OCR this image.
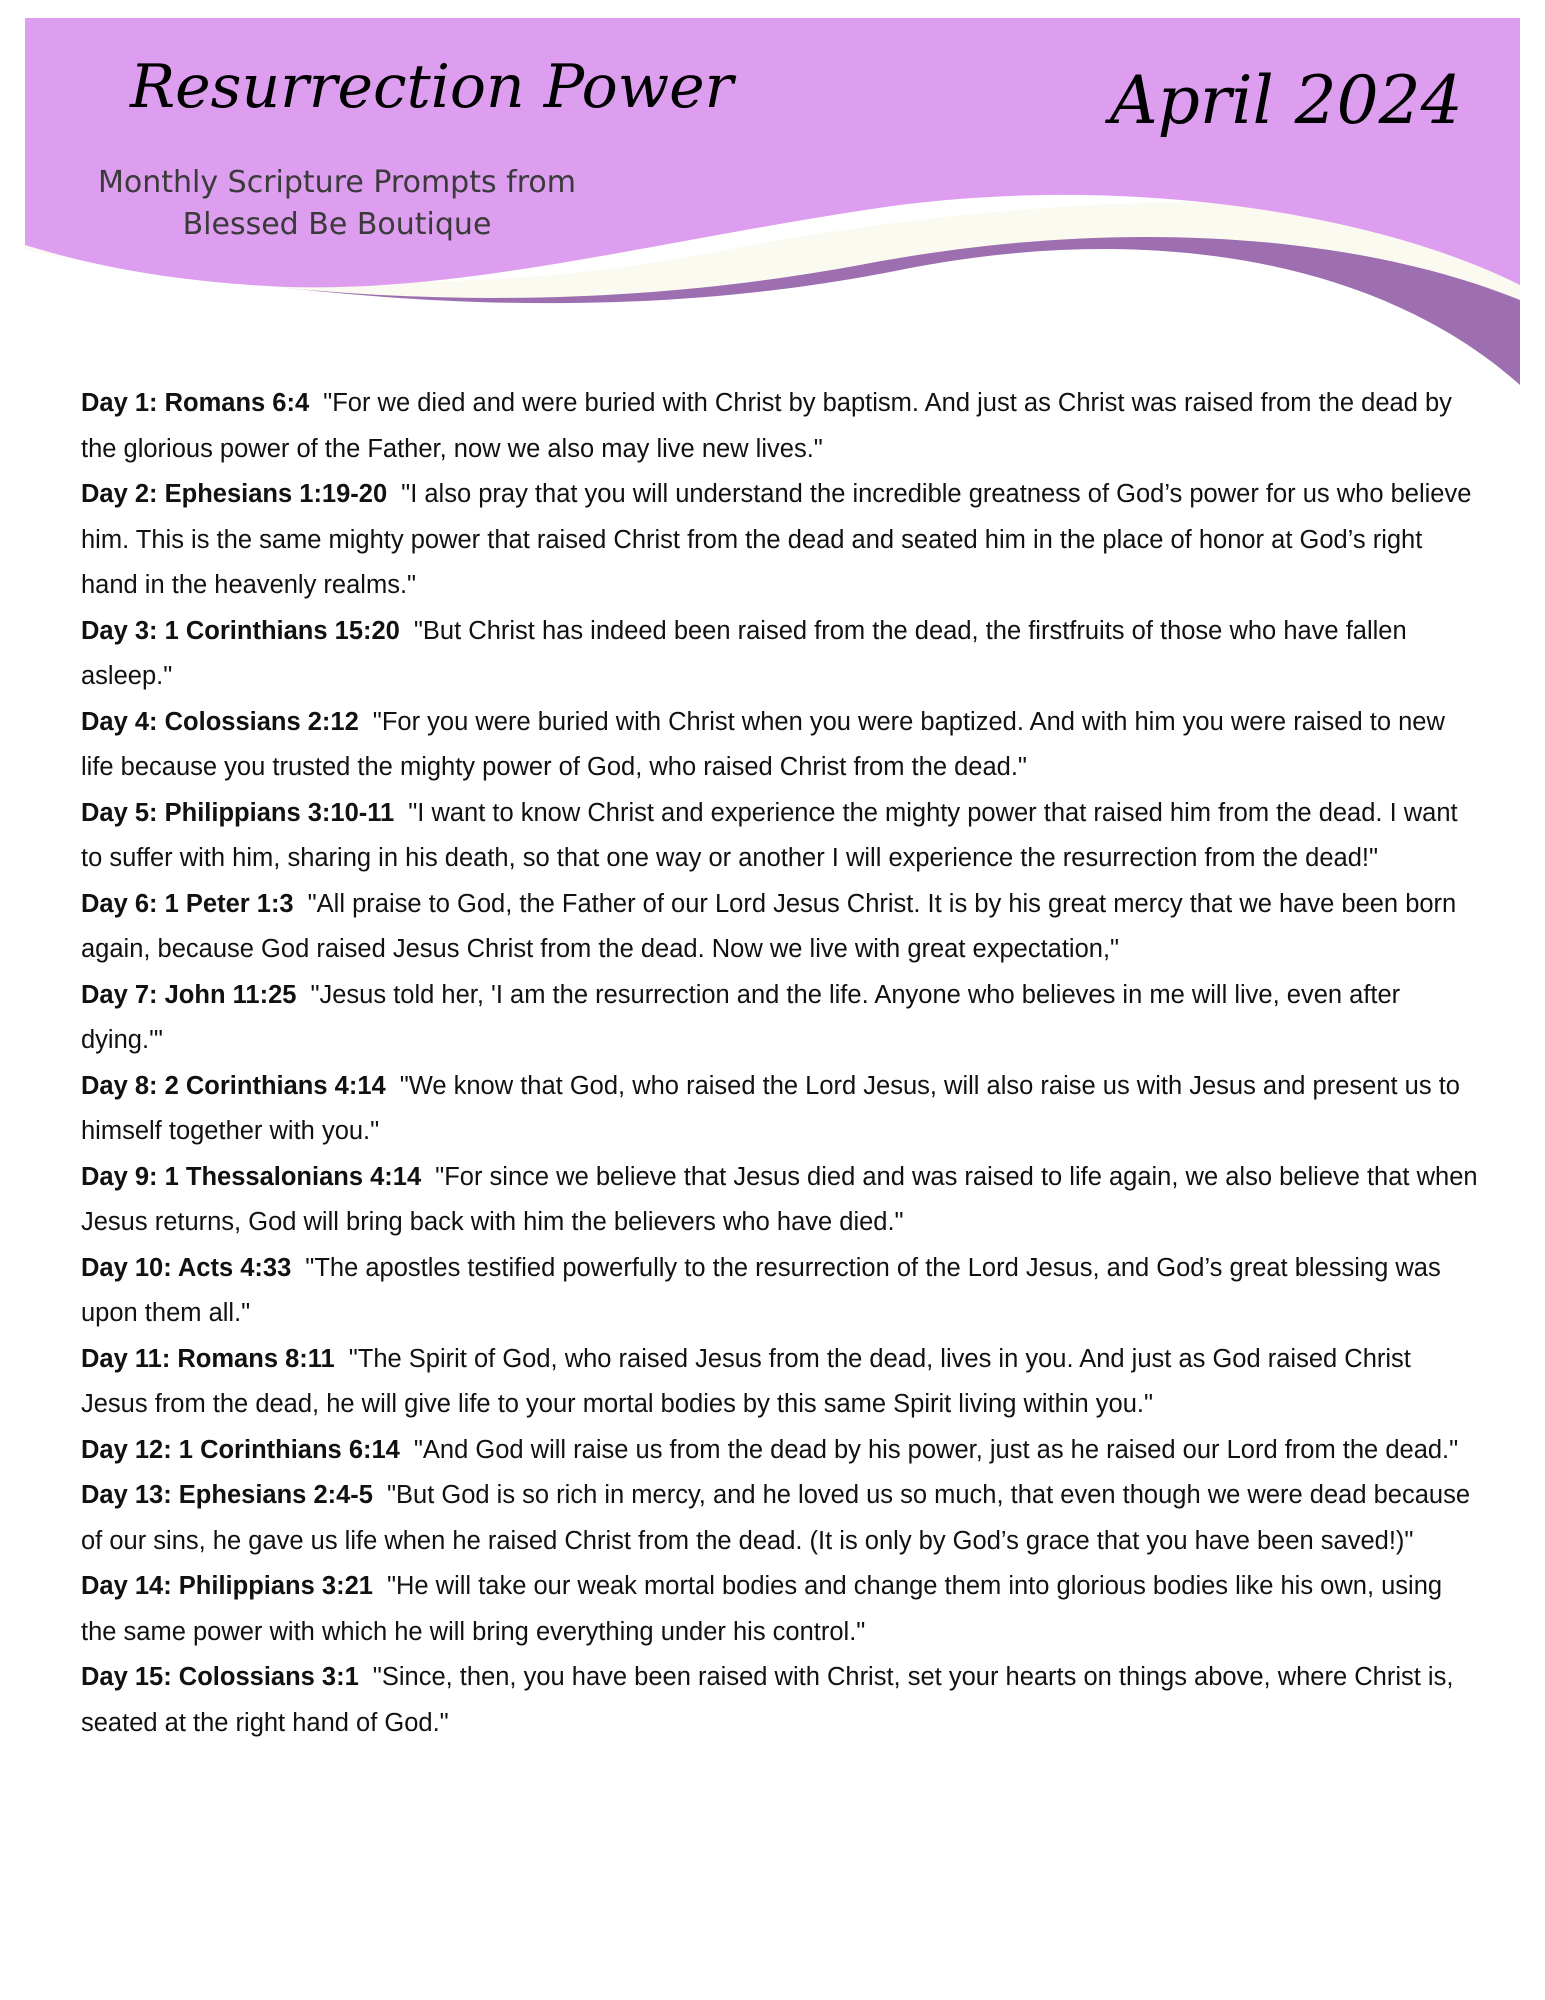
Resurrection Power
Monthly Scripture Prompts from Blessed Be Boutique
April 2024

Day 1: Romans 6:4 "For we died and were buried with Christ by baptism. And just as Christ was raised from the dead by the glorious power of the Father, now we also may live new lives."

Day 2: Ephesians 1:19-20 "I also pray that you will understand the incredible greatness of God’s power for us who believe him. This is the same mighty power that raised Christ from the dead and seated him in the place of honor at God’s right hand in the heavenly realms."

Day 3: 1 Corinthians 15:20 "But Christ has indeed been raised from the dead, the firstfruits of those who have fallen asleep."

Day 4: Colossians 2:12 "For you were buried with Christ when you were baptized. And with him you were raised to new life because you trusted the mighty power of God, who raised Christ from the dead."

Day 5: Philippians 3:10-11 "I want to know Christ and experience the mighty power that raised him from the dead. I want to suffer with him, sharing in his death, so that one way or another I will experience the resurrection from the dead!"

Day 6: 1 Peter 1:3 "All praise to God, the Father of our Lord Jesus Christ. It is by his great mercy that we have been born again, because God raised Jesus Christ from the dead. Now we live with great expectation,"

Day 7: John 11:25 "Jesus told her, 'I am the resurrection and the life. Anyone who believes in me will live, even after dying.'"

Day 8: 2 Corinthians 4:14 "We know that God, who raised the Lord Jesus, will also raise us with Jesus and present us to himself together with you."

Day 9: 1 Thessalonians 4:14 "For since we believe that Jesus died and was raised to life again, we also believe that when Jesus returns, God will bring back with him the believers who have died."

Day 10: Acts 4:33 "The apostles testified powerfully to the resurrection of the Lord Jesus, and God’s great blessing was upon them all."

Day 11: Romans 8:11 "The Spirit of God, who raised Jesus from the dead, lives in you. And just as God raised Christ Jesus from the dead, he will give life to your mortal bodies by this same Spirit living within you."

Day 12: 1 Corinthians 6:14 "And God will raise us from the dead by his power, just as he raised our Lord from the dead."

Day 13: Ephesians 2:4-5 "But God is so rich in mercy, and he loved us so much, that even though we were dead because of our sins, he gave us life when he raised Christ from the dead. (It is only by God’s grace that you have been saved!)"

Day 14: Philippians 3:21 "He will take our weak mortal bodies and change them into glorious bodies like his own, using the same power with which he will bring everything under his control."

Day 15: Colossians 3:1 "Since, then, you have been raised with Christ, set your hearts on things above, where Christ is, seated at the right hand of God."
